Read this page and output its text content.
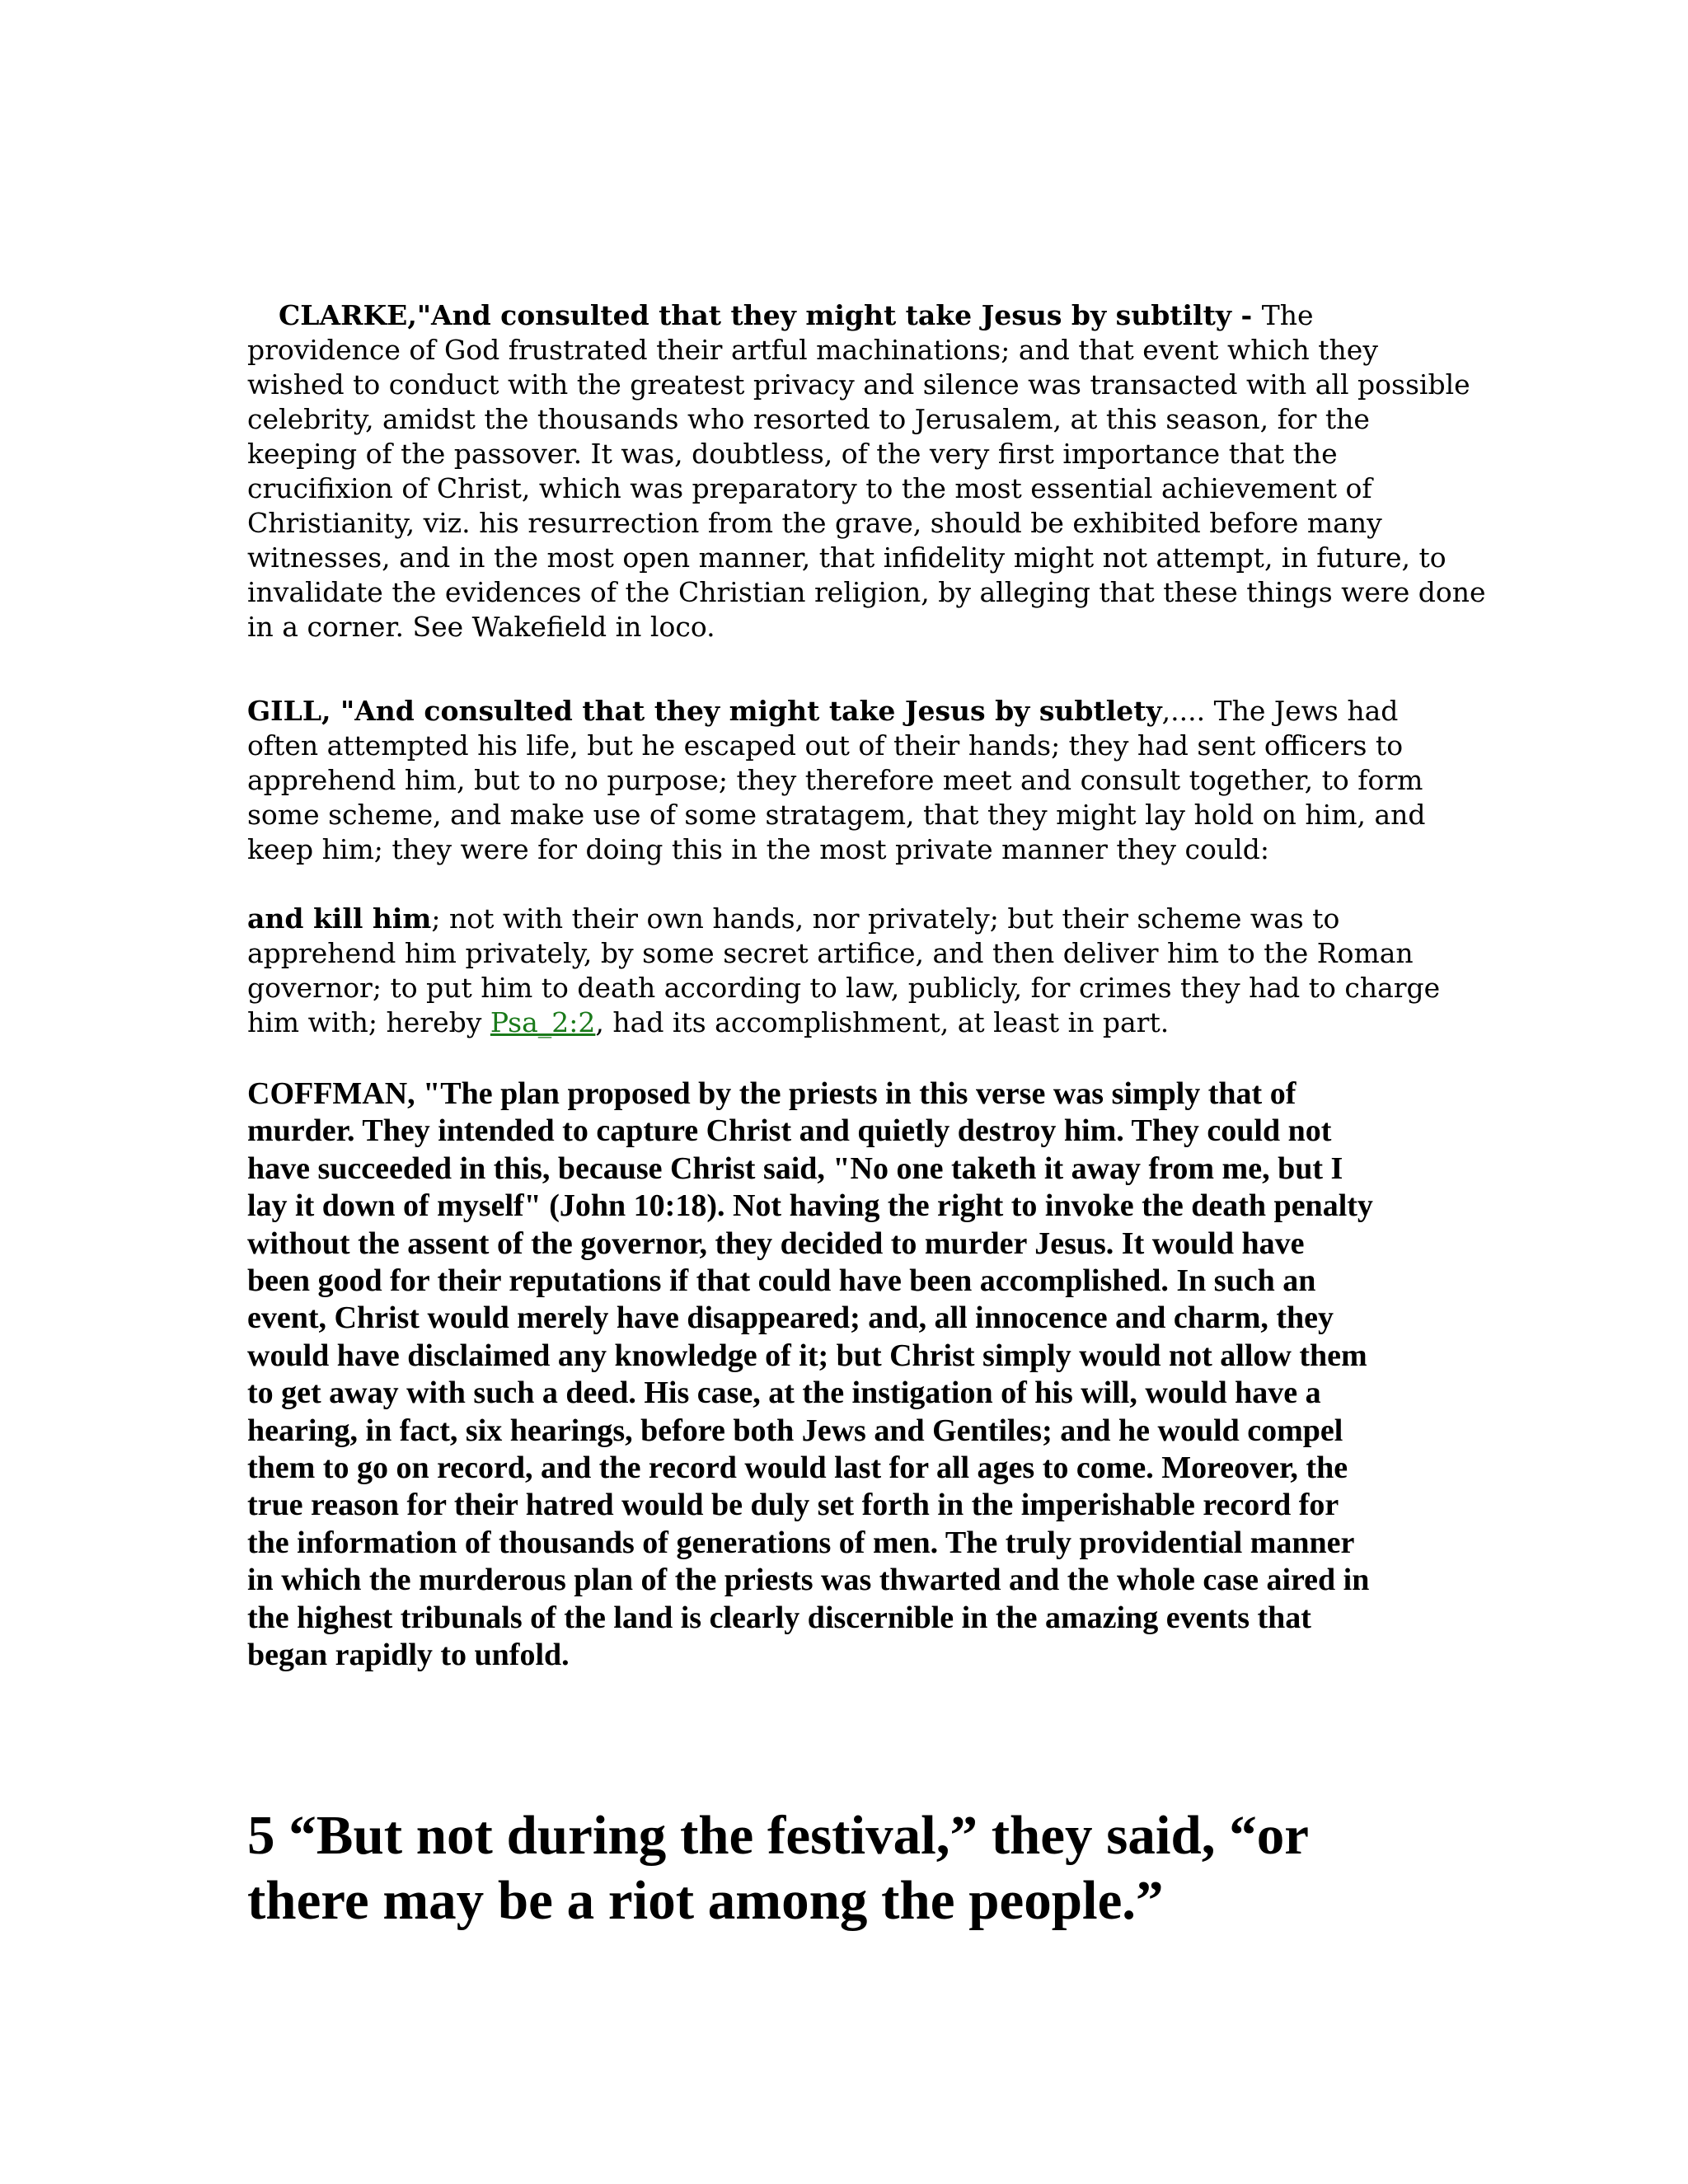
CLARKE,"And consulted that they might take Jesus by subtilty - The
providence of God frustrated their artful machinations; and that event which they
wished to conduct with the greatest privacy and silence was transacted with all possible
celebrity, amidst the thousands who resorted to Jerusalem, at this season, for the
keeping of the passover. It was, doubtless, of the very first importance that the
crucifixion of Christ, which was preparatory to the most essential achievement of
Christianity, viz. his resurrection from the grave, should be exhibited before many
witnesses, and in the most open manner, that infidelity might not attempt, in future, to
invalidate the evidences of the Christian religion, by alleging that these things were done
in a corner. See Wakefield in loco.
GILL, "And consulted that they might take Jesus by subtlety,.... The Jews had
often attempted his life, but he escaped out of their hands; they had sent officers to
apprehend him, but to no purpose; they therefore meet and consult together, to form
some scheme, and make use of some stratagem, that they might lay hold on him, and
keep him; they were for doing this in the most private manner they could:
and kill him; not with their own hands, nor privately; but their scheme was to
apprehend him privately, by some secret artifice, and then deliver him to the Roman
governor; to put him to death according to law, publicly, for crimes they had to charge
him with; hereby Psa_2:2, had its accomplishment, at least in part.
COFFMAN, "The plan proposed by the priests in this verse was simply that of
murder. They intended to capture Christ and quietly destroy him. They could not
have succeeded in this, because Christ said, "No one taketh it away from me, but I
lay it down of myself" (John 10:18). Not having the right to invoke the death penalty
without the assent of the governor, they decided to murder Jesus. It would have
been good for their reputations if that could have been accomplished. In such an
event, Christ would merely have disappeared; and, all innocence and charm, they
would have disclaimed any knowledge of it; but Christ simply would not allow them
to get away with such a deed. His case, at the instigation of his will, would have a
hearing, in fact, six hearings, before both Jews and Gentiles; and he would compel
them to go on record, and the record would last for all ages to come. Moreover, the
true reason for their hatred would be duly set forth in the imperishable record for
the information of thousands of generations of men. The truly providential manner
in which the murderous plan of the priests was thwarted and the whole case aired in
the highest tribunals of the land is clearly discernible in the amazing events that
began rapidly to unfold.
5 “But not during the festival,” they said, “or
there may be a riot among the people.”
